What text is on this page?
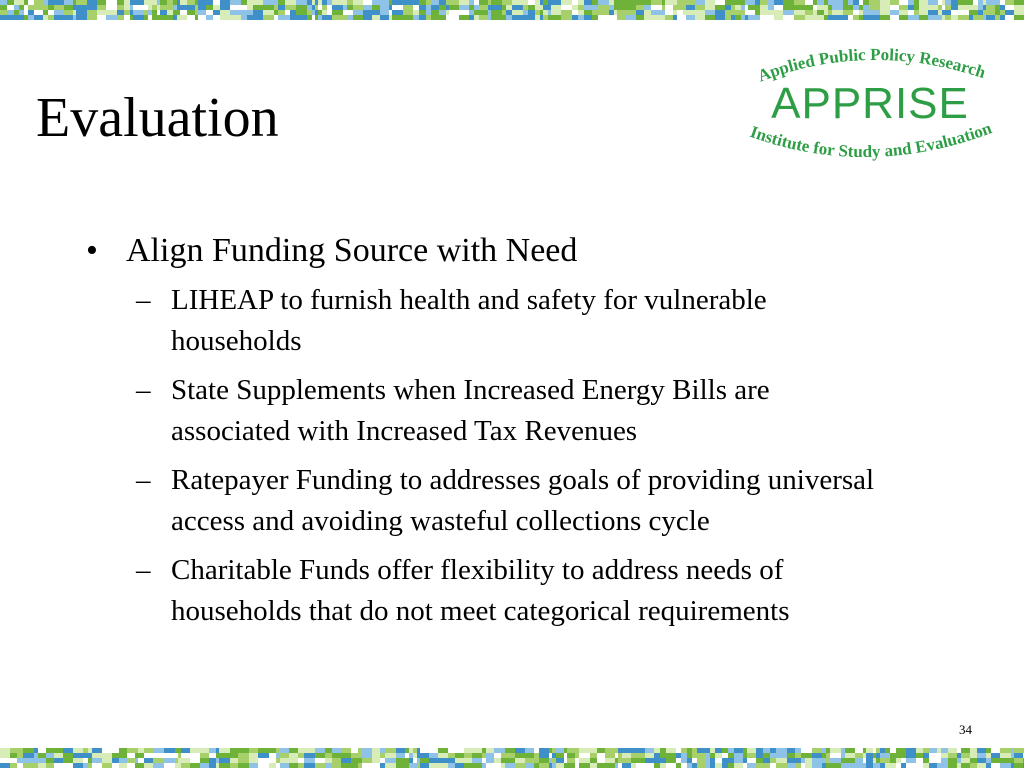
Evaluation
Applied Public Policy Research
APPRISE
Institute for Study and Evaluation
• Align Funding Source with Need
– LIHEAP to furnish health and safety for vulnerable households
– State Supplements when Increased Energy Bills are associated with Increased Tax Revenues
– Ratepayer Funding to addresses goals of providing universal access and avoiding wasteful collections cycle
– Charitable Funds offer flexibility to address needs of households that do not meet categorical requirements
34
